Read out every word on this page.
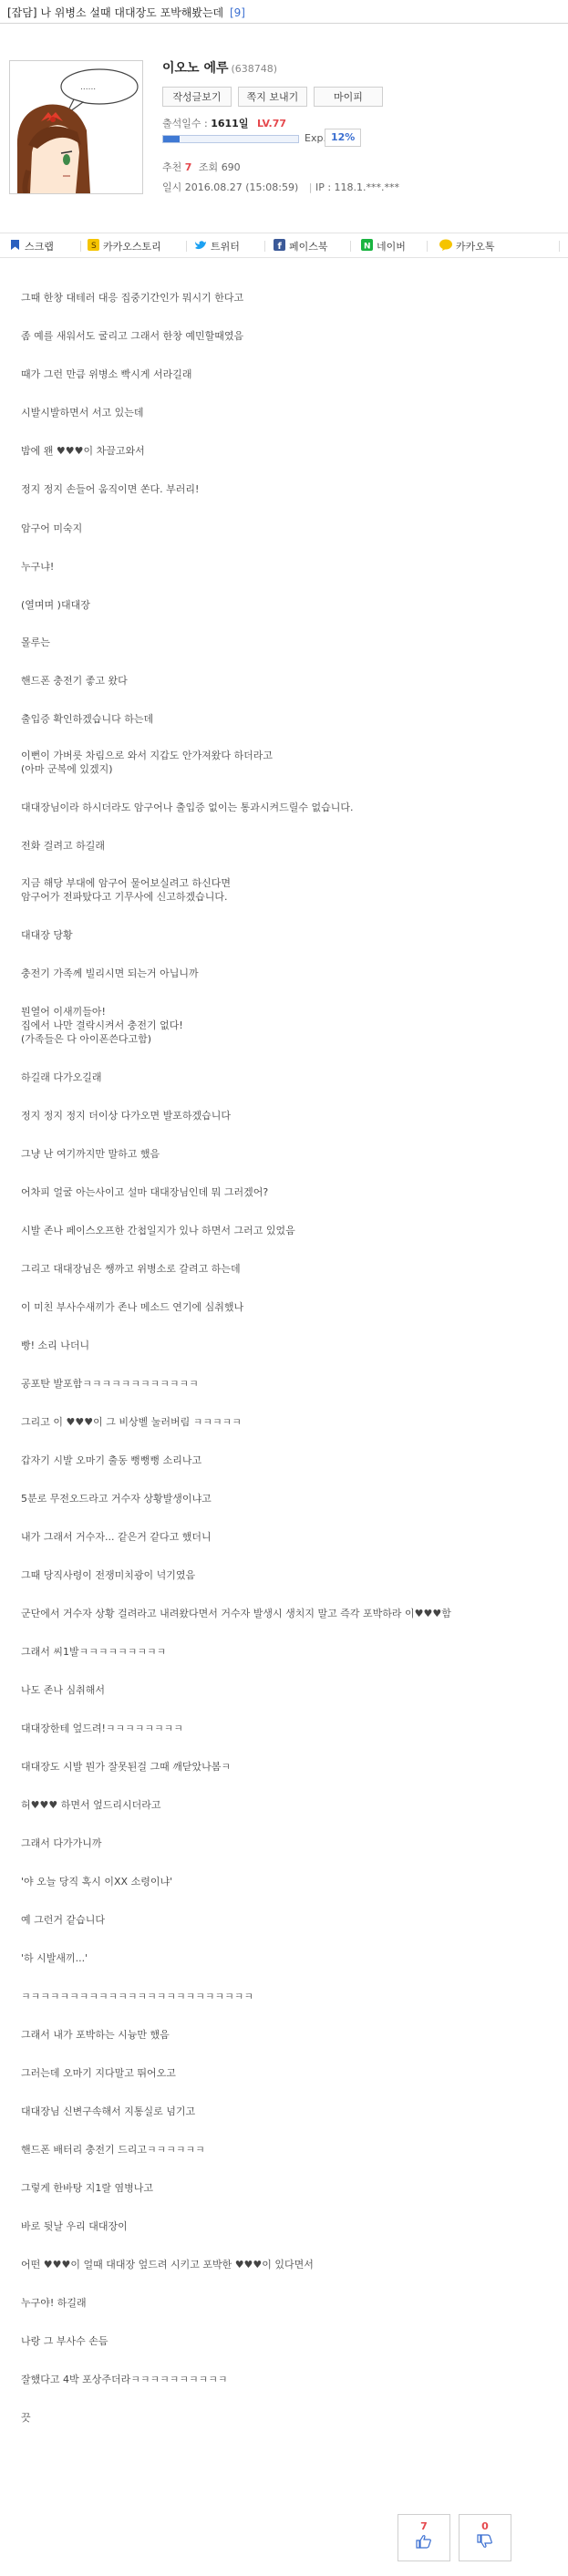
[잡담] 나 위병소 설때 대대장도 포박해봤는데 [9]
......
이오노 에루 (638748)
작성글보기	쪽지 보내기	마이피
출석일수 : 1611일 LV.77
Exp. 12%
추천 7 조회 690
일시 2016.08.27 (15:08:59) | IP : 118.1.***.***
스크랩	S 카카오스토리	트위터	f 페이스북	N 네이버	카카오톡
그때 한창 대테러 대응 집중기간인가 뭐시기 한다고
좀 예를 새워서도 굴리고 그래서 한창 예민할때였음
때가 그런 만큼 위병소 빡시게 서라길래
시발시발하면서 서고 있는데
밤에 왠 ♥♥♥이 차끌고와서
정지 정지 손들어 움직이면 쏜다. 부러리!
암구어 미숙지
누구냐!
(열며며 )대대장
몰루는
핸드폰 충전기 좋고 왔다
출입증 확인하겠습니다 하는데
이뻔이 가버릇 차림으로 와서 지갑도 안가져왔다 하더라고
(아마 군복에 있겠지)
대대장님이라 하시더라도 암구어나 출입증 없이는 통과시켜드릴수 없습니다.
전화 걸려고 하길래
지금 해당 부대에 암구어 물어보실려고 하신다면
암구어가 전파탔다고 기무사에 신고하겠습니다.
대대장 당황
충전기 가족께 빌리시면 되는거 아닙니까
뭔열어 이새끼들아!
집에서 나만 결락시켜서 충전기 없다!
(가족들은 다 아이폰쓴다고함)
하길래 다가오길래
정지 정지 정지 더이상 다가오면 발포하겠습니다
그냥 난 여기까지만 말하고 했음
어차피 얼굴 아는사이고 설마 대대장님인데 뭐 그러겠어?
시발 존나 페이스오프한 간첩일지가 있나 하면서 그러고 있었음
그리고 대대장님은 쌩까고 위병소로 갈려고 하는데
이 미친 부사수새끼가 존나 메소드 연기에 심취했나
빵! 소리 나더니
공포탄 발포함ㅋㅋㅋㅋㅋㅋㅋㅋㅋㅋㅋㅋ
그리고 이 ♥♥♥이 그 비상벨 눌러버림 ㅋㅋㅋㅋㅋ
갑자기 시발 오마기 출동 뻥뻥뻥 소리나고
5분로 무전오드라고 거수자 상황발생이냐고
내가 그래서 거수자... 같은거 같다고 했더니
그때 당직사령이 전쟁미치광이 넉기였음
군단에서 거수자 상황 걸려라고 내려왔다면서 거수자 발생시 생치지 말고 즉각 포박하라 이♥♥♥함
그래서 씨1발ㅋㅋㅋㅋㅋㅋㅋㅋㅋ
나도 존나 심취해서
대대장한테 엎드려!ㅋㅋㅋㅋㅋㅋㅋㅋ
대대장도 시발 뭔가 잘못된걸 그때 깨닫았나봄ㅋ
허♥♥♥ 하면서 엎드리시더라고
그래서 다가가니까
'야 오늘 당직 혹시 이XX 소령이냐'
예 그런거 같습니다
'하 시발새끼...'
ㅋㅋㅋㅋㅋㅋㅋㅋㅋㅋㅋㅋㅋㅋㅋㅋㅋㅋㅋㅋㅋㅋㅋㅋ
그래서 내가 포박하는 시늉만 했음
그러는데 오마기 지다말고 뛰어오고
대대장님 신변구속해서 지통실로 넘기고
핸드폰 배터리 충전기 드리고ㅋㅋㅋㅋㅋㅋ
그렇게 한바탕 지1랄 염병나고
바로 뒷날 우리 대대장이
어떤 ♥♥♥이 얼때 대대장 엎드려 시키고 포박한 ♥♥♥이 있다면서
누구야! 하길래
나랑 그 부사수 손듬
잘했다고 4박 포상주더라ㅋㅋㅋㅋㅋㅋㅋㅋㅋㅋ
끗
7	0
